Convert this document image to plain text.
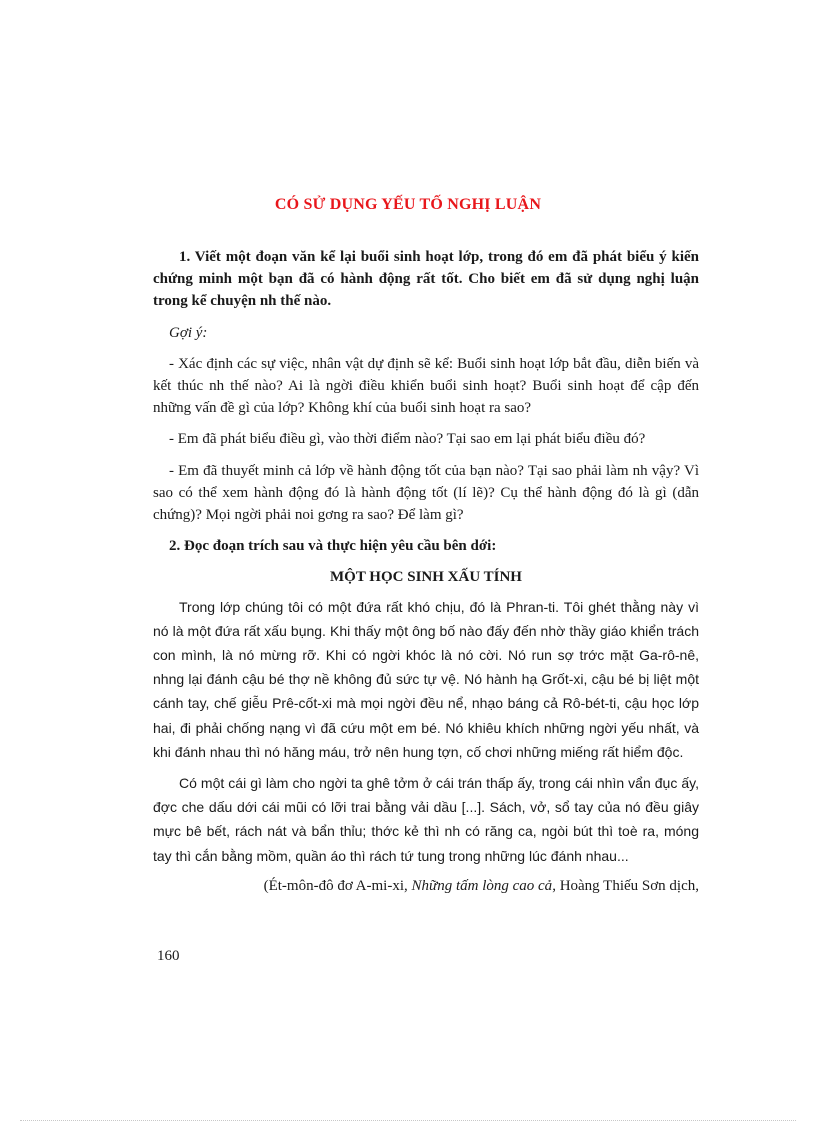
CÓ SỬ DỤNG YẾU TỐ NGHỊ LUẬN

1. Viết một đoạn văn kể lại buổi sinh hoạt lớp, trong đó em đã phát biểu ý kiến chứng minh một bạn đã có hành động rất tốt. Cho biết em đã sử dụng nghị luận trong kể chuyện nh thế nào.

Gợi ý:

- Xác định các sự việc, nhân vật dự định sẽ kể: Buổi sinh hoạt lớp bắt đầu, diễn biến và kết thúc nh thế nào? Ai là ngời điều khiển buổi sinh hoạt? Buổi sinh hoạt để cập đến những vấn đề gì của lớp? Không khí của buổi sinh hoạt ra sao?

- Em đã phát biểu điều gì, vào thời điểm nào? Tại sao em lại phát biểu điều đó?

- Em đã thuyết minh cả lớp về hành động tốt của bạn nào? Tại sao phải làm nh vậy? Vì sao có thể xem hành động đó là hành động tốt (lí lẽ)? Cụ thể hành động đó là gì (dẫn chứng)? Mọi ngời phải noi gơng ra sao? Để làm gì?

2. Đọc đoạn trích sau và thực hiện yêu cầu bên dới:

MỘT HỌC SINH XẤU TÍNH

Trong lớp chúng tôi có một đứa rất khó chịu, đó là Phran-ti. Tôi ghét thằng này vì nó là một đứa rất xấu bụng. Khi thấy một ông bố nào đấy đến nhờ thầy giáo khiển trách con mình, là nó mừng rỡ. Khi có ngời khóc là nó cời. Nó run sợ trớc mặt Ga-rô-nê, nhng lại đánh cậu bé thợ nề không đủ sức tự vệ. Nó hành hạ Grốt-xi, cậu bé bị liệt một cánh tay, chế giễu Prê-cốt-xi mà mọi ngời đều nể, nhạo báng cả Rô-bét-ti, cậu học lớp hai, đi phải chống nạng vì đã cứu một em bé. Nó khiêu khích những ngời yếu nhất, và khi đánh nhau thì nó hăng máu, trở nên hung tợn, cố chơi những miếng rất hiểm độc.

Có một cái gì làm cho ngời ta ghê tởm ở cái trán thấp ấy, trong cái nhìn vẩn đục ấy, đợc che dấu dới cái mũi có lỡi trai bằng vải dầu [...]. Sách, vở, sổ tay của nó đều giây mực bê bết, rách nát và bẩn thỉu; thớc kẻ thì nh có răng ca, ngòi bút thì toè ra, móng tay thì cắn bằng mồm, quần áo thì rách tứ tung trong những lúc đánh nhau...

(Ét-môn-đô đơ A-mi-xi, Những tấm lòng cao cả, Hoàng Thiếu Sơn dịch,

160
